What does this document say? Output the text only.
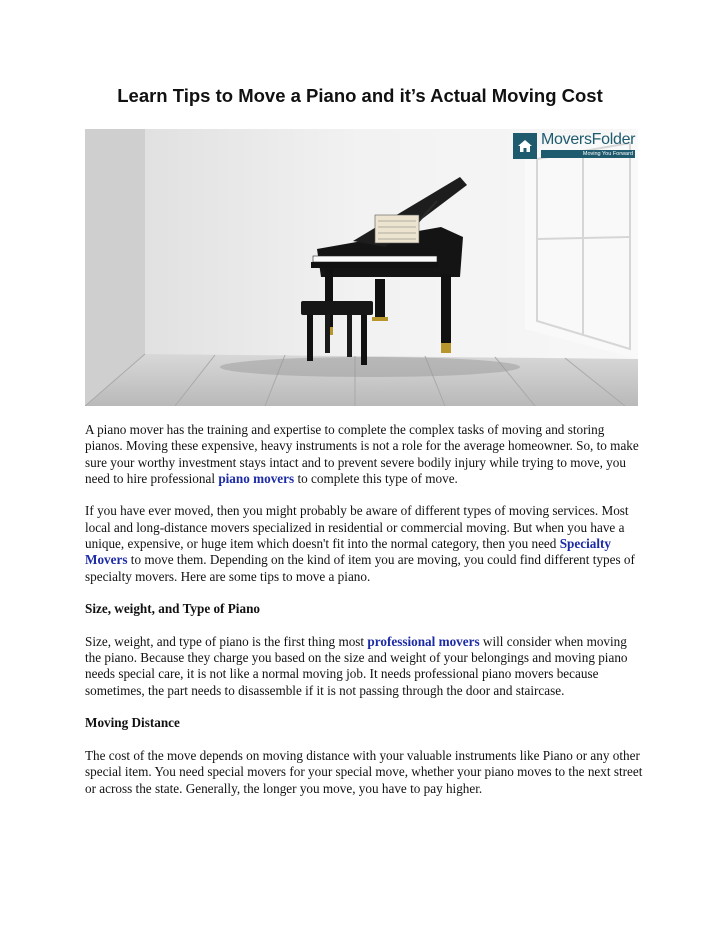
Learn Tips to Move a Piano and it’s Actual Moving Cost
MoversFolder
Moving You Forward

A piano mover has the training and expertise to complete the complex tasks of moving and storing pianos. Moving these expensive, heavy instruments is not a role for the average homeowner. So, to make sure your worthy investment stays intact and to prevent severe bodily injury while trying to move, you need to hire professional piano movers to complete this type of move.

If you have ever moved, then you might probably be aware of different types of moving services. Most local and long-distance movers specialized in residential or commercial moving. But when you have a unique, expensive, or huge item which doesn't fit into the normal category, then you need Specialty Movers to move them. Depending on the kind of item you are moving, you could find different types of specialty movers. Here are some tips to move a piano.

Size, weight, and Type of Piano

Size, weight, and type of piano is the first thing most professional movers will consider when moving the piano. Because they charge you based on the size and weight of your belongings and moving piano needs special care, it is not like a normal moving job. It needs professional piano movers because sometimes, the part needs to disassemble if it is not passing through the door and staircase.

Moving Distance

The cost of the move depends on moving distance with your valuable instruments like Piano or any other special item. You need special movers for your special move, whether your piano moves to the next street or across the state. Generally, the longer you move, you have to pay higher.
